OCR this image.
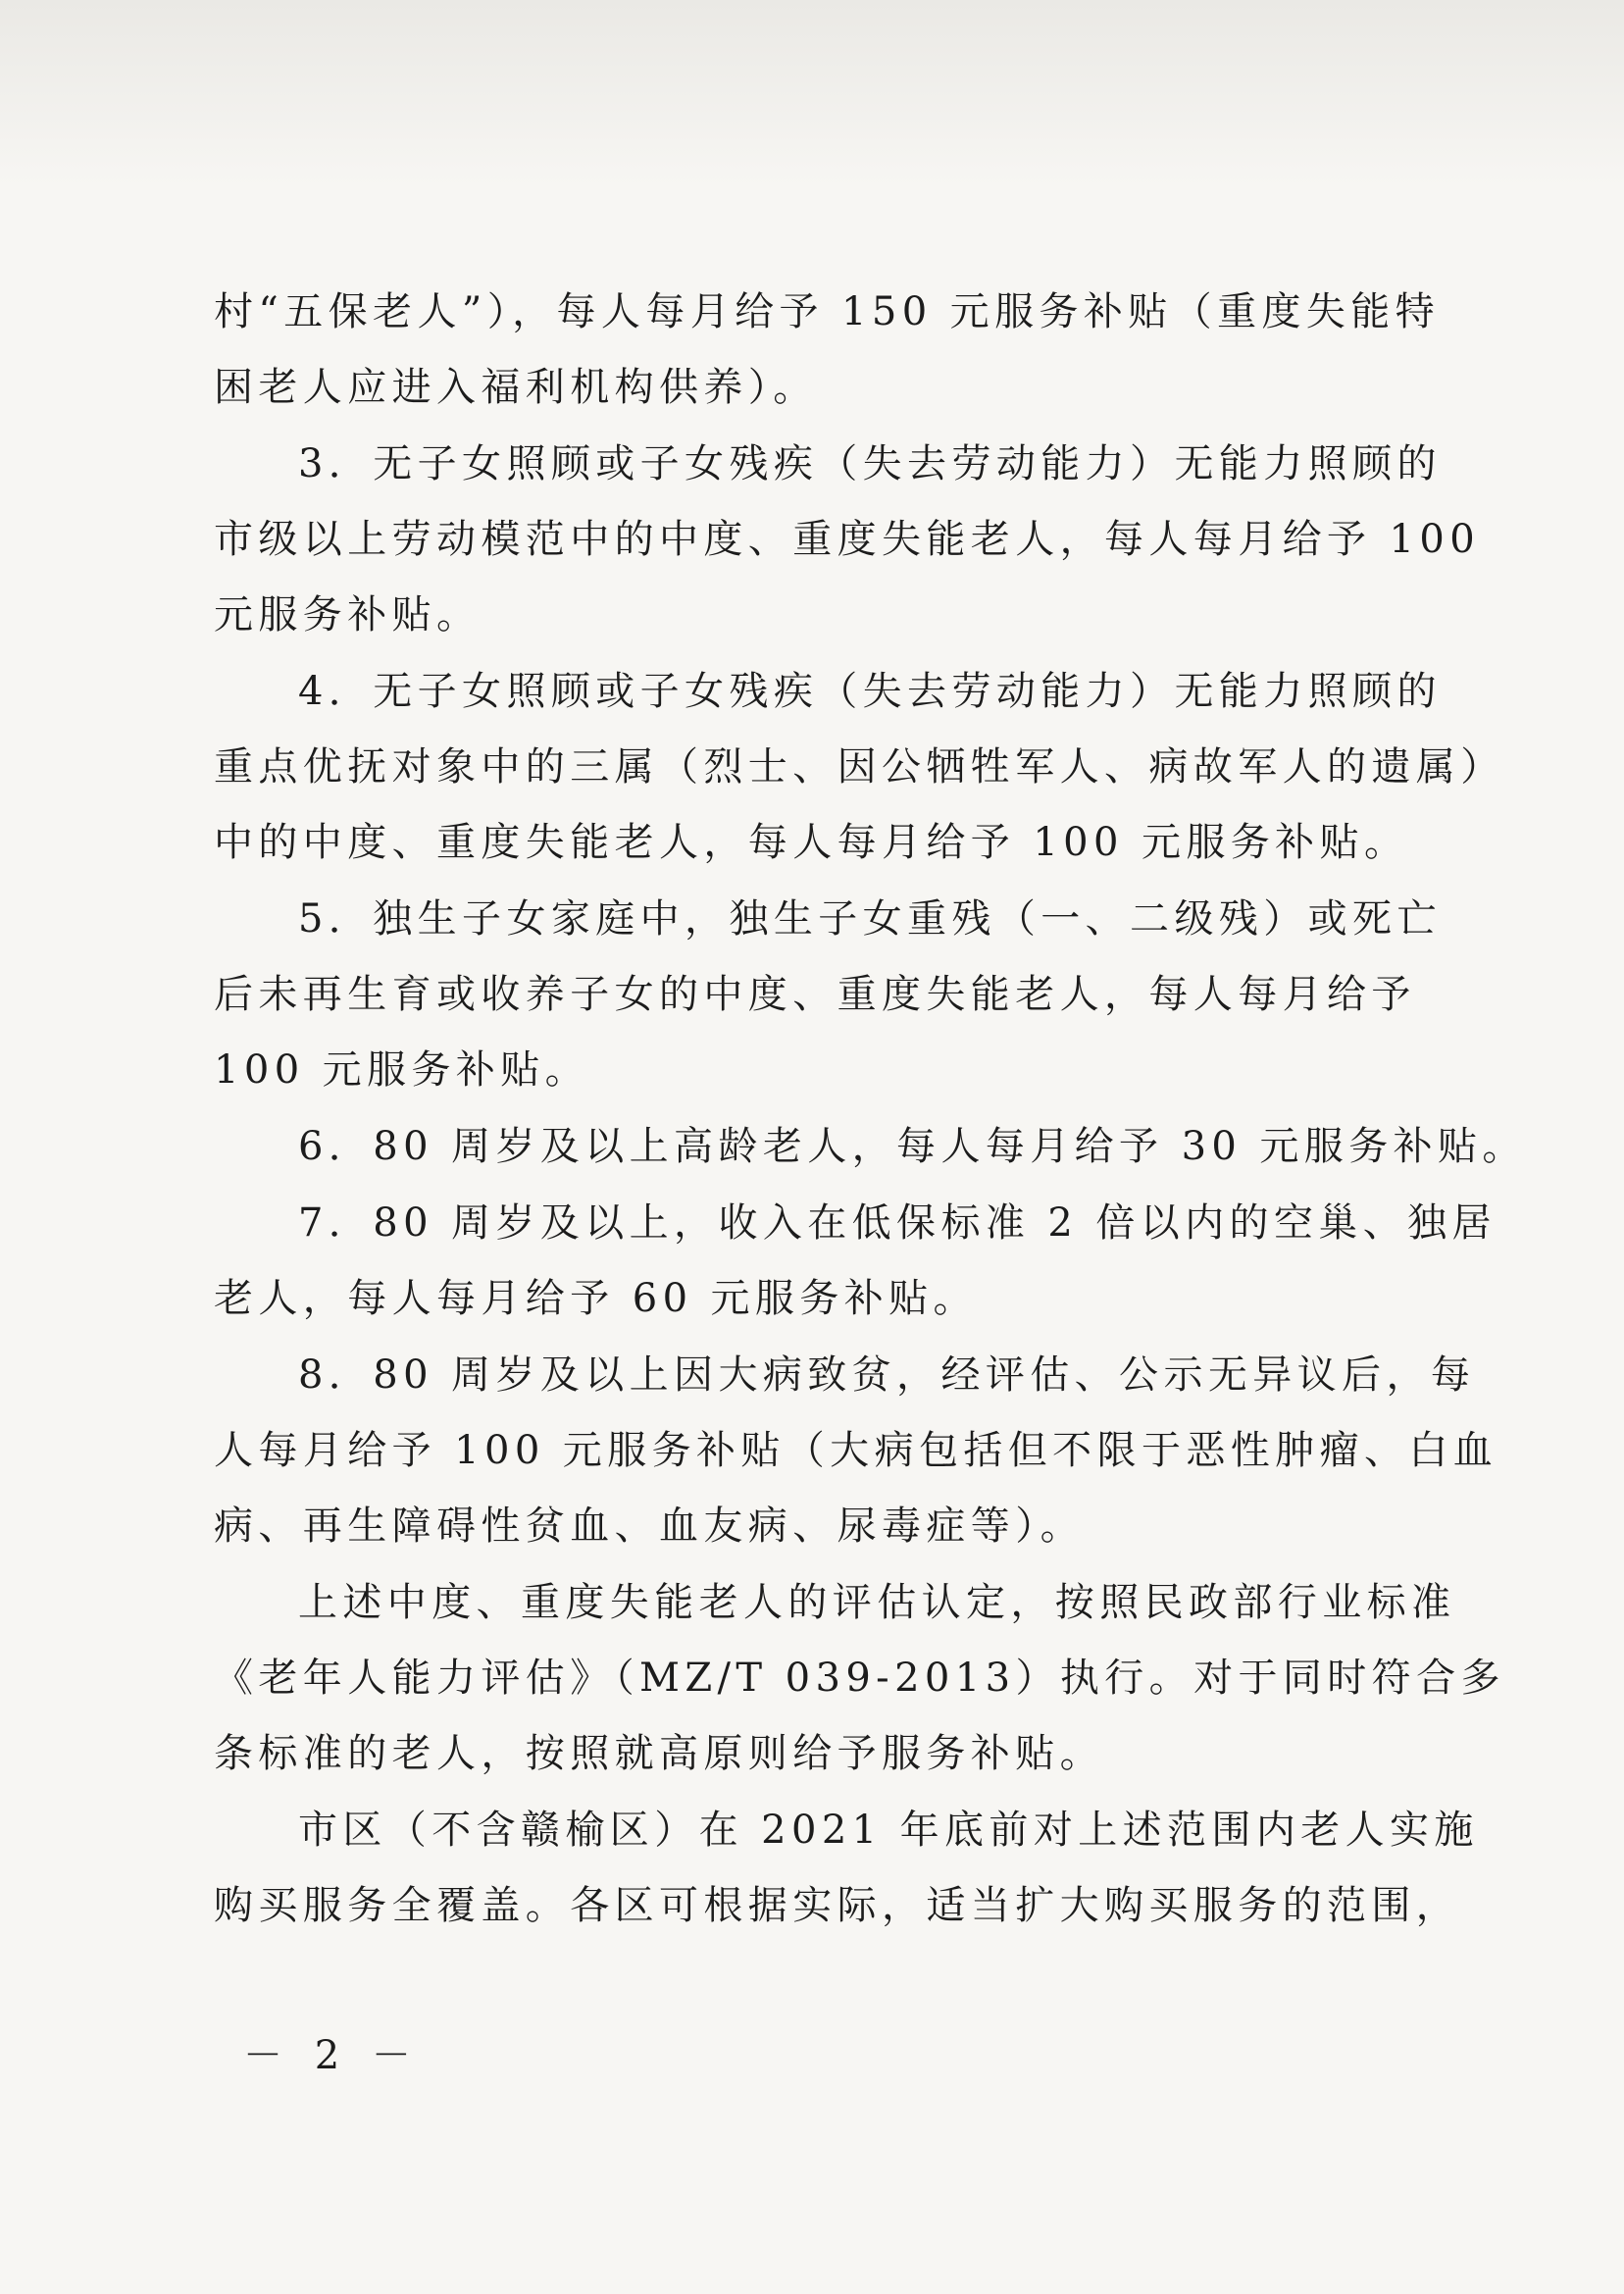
村“五保老人”），每人每月给予 150 元服务补贴（重度失能特
困老人应进入福利机构供养）。
3．无子女照顾或子女残疾（失去劳动能力）无能力照顾的
市级以上劳动模范中的中度、重度失能老人，每人每月给予 100
元服务补贴。
4．无子女照顾或子女残疾（失去劳动能力）无能力照顾的
重点优抚对象中的三属（烈士、因公牺牲军人、病故军人的遗属）
中的中度、重度失能老人，每人每月给予 100 元服务补贴。
5．独生子女家庭中，独生子女重残（一、二级残）或死亡
后未再生育或收养子女的中度、重度失能老人，每人每月给予
100 元服务补贴。
6．80 周岁及以上高龄老人，每人每月给予 30 元服务补贴。
7．80 周岁及以上，收入在低保标准 2 倍以内的空巢、独居
老人，每人每月给予 60 元服务补贴。
8．80 周岁及以上因大病致贫，经评估、公示无异议后，每
人每月给予 100 元服务补贴（大病包括但不限于恶性肿瘤、白血
病、再生障碍性贫血、血友病、尿毒症等）。
上述中度、重度失能老人的评估认定，按照民政部行业标准
《老年人能力评估》（MZ/T 039-2013）执行。对于同时符合多
条标准的老人，按照就高原则给予服务补贴。
市区（不含赣榆区）在 2021 年底前对上述范围内老人实施
购买服务全覆盖。各区可根据实际，适当扩大购买服务的范围，
－ 2 －
